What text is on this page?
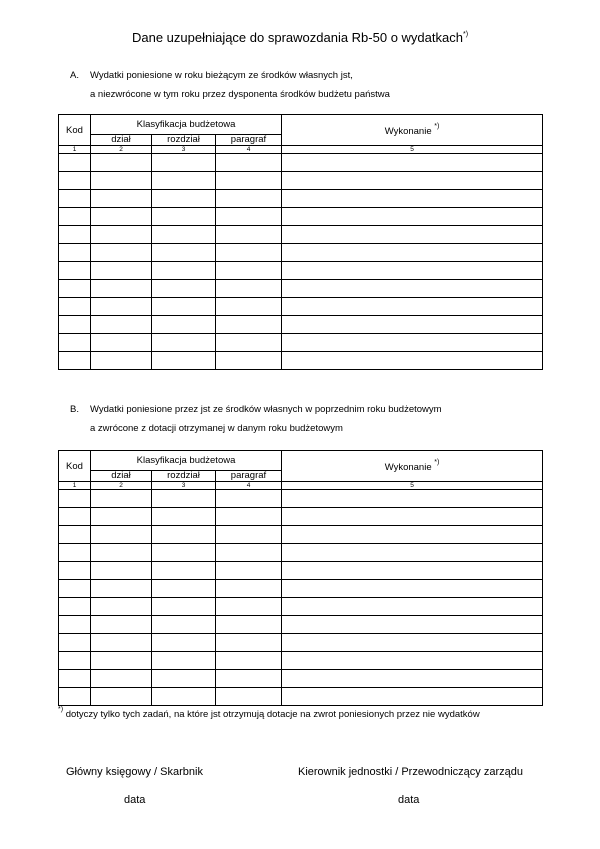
Dane uzupełniające do sprawozdania Rb-50 o wydatkach*)
A. Wydatki poniesione w roku bieżącym ze środków własnych jst,
a niezwrócone w tym roku przez dysponenta środków budżetu państwa
Kod	Klasyfikacja budżetowa			Wykonanie *)
	dział	rozdział	paragraf	
1	2	3	4	5

B. Wydatki poniesione przez jst ze środków własnych w poprzednim roku budżetowym
a zwrócone z dotacji otrzymanej w danym roku budżetowym
Kod	Klasyfikacja budżetowa			Wykonanie *)
	dział	rozdział	paragraf	
1	2	3	4	5

*) dotyczy tylko tych zadań, na które jst otrzymują dotacje na zwrot poniesionych przez nie wydatków
Główny księgowy / Skarbnik	Kierownik jednostki / Przewodniczący zarządu
data	data
